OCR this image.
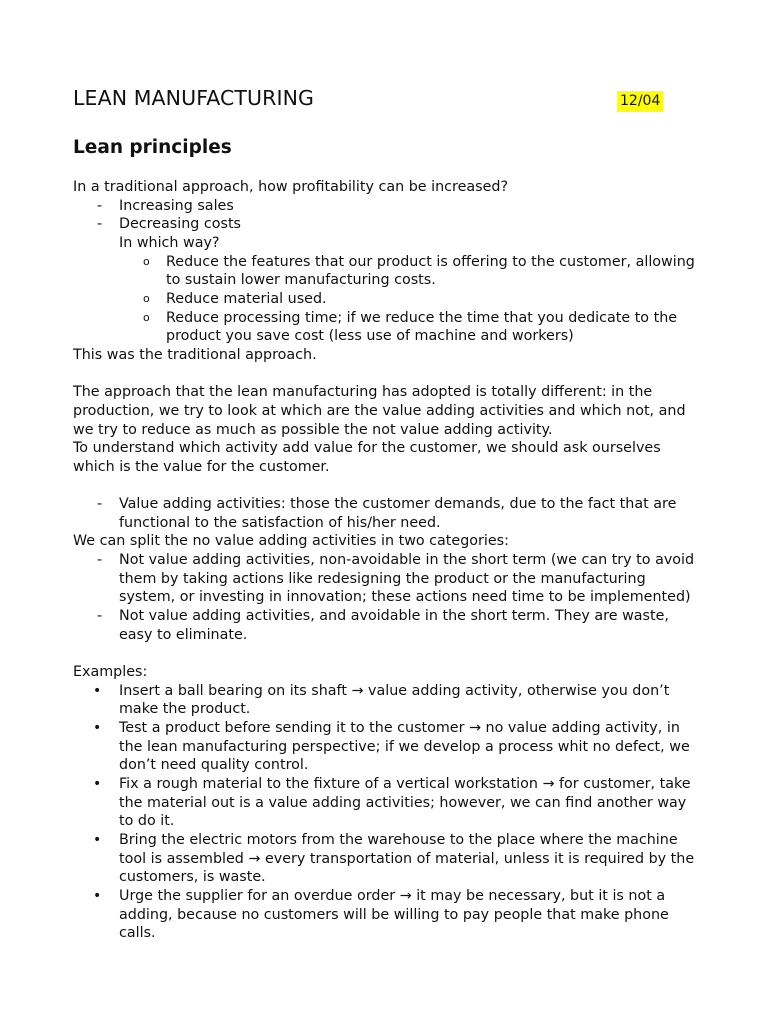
LEAN MANUFACTURING	12/04
Lean principles

In a traditional approach, how profitability can be increased?

- Increasing sales
- Decreasing costs
In which way?
o Reduce the features that our product is offering to the customer, allowing to sustain lower manufacturing costs.
o Reduce material used.
o Reduce processing time; if we reduce the time that you dedicate to the product you save cost (less use of machine and workers)

This was the traditional approach.

The approach that the lean manufacturing has adopted is totally different: in the production, we try to look at which are the value adding activities and which not, and we try to reduce as much as possible the not value adding activity.

To understand which activity add value for the customer, we should ask ourselves which is the value for the customer.

- Value adding activities: those the customer demands, due to the fact that are functional to the satisfaction of his/her need.

We can split the no value adding activities in two categories:

- Not value adding activities, non-avoidable in the short term (we can try to avoid them by taking actions like redesigning the product or the manufacturing system, or investing in innovation; these actions need time to be implemented)
- Not value adding activities, and avoidable in the short term. They are waste, easy to eliminate.

Examples:

• Insert a ball bearing on its shaft → value adding activity, otherwise you don’t make the product.
• Test a product before sending it to the customer → no value adding activity, in the lean manufacturing perspective; if we develop a process whit no defect, we don’t need quality control.
• Fix a rough material to the fixture of a vertical workstation → for customer, take the material out is a value adding activities; however, we can find another way to do it.
• Bring the electric motors from the warehouse to the place where the machine tool is assembled → every transportation of material, unless it is required by the customers, is waste.
• Urge the supplier for an overdue order → it may be necessary, but it is not a adding, because no customers will be willing to pay people that make phone calls.
